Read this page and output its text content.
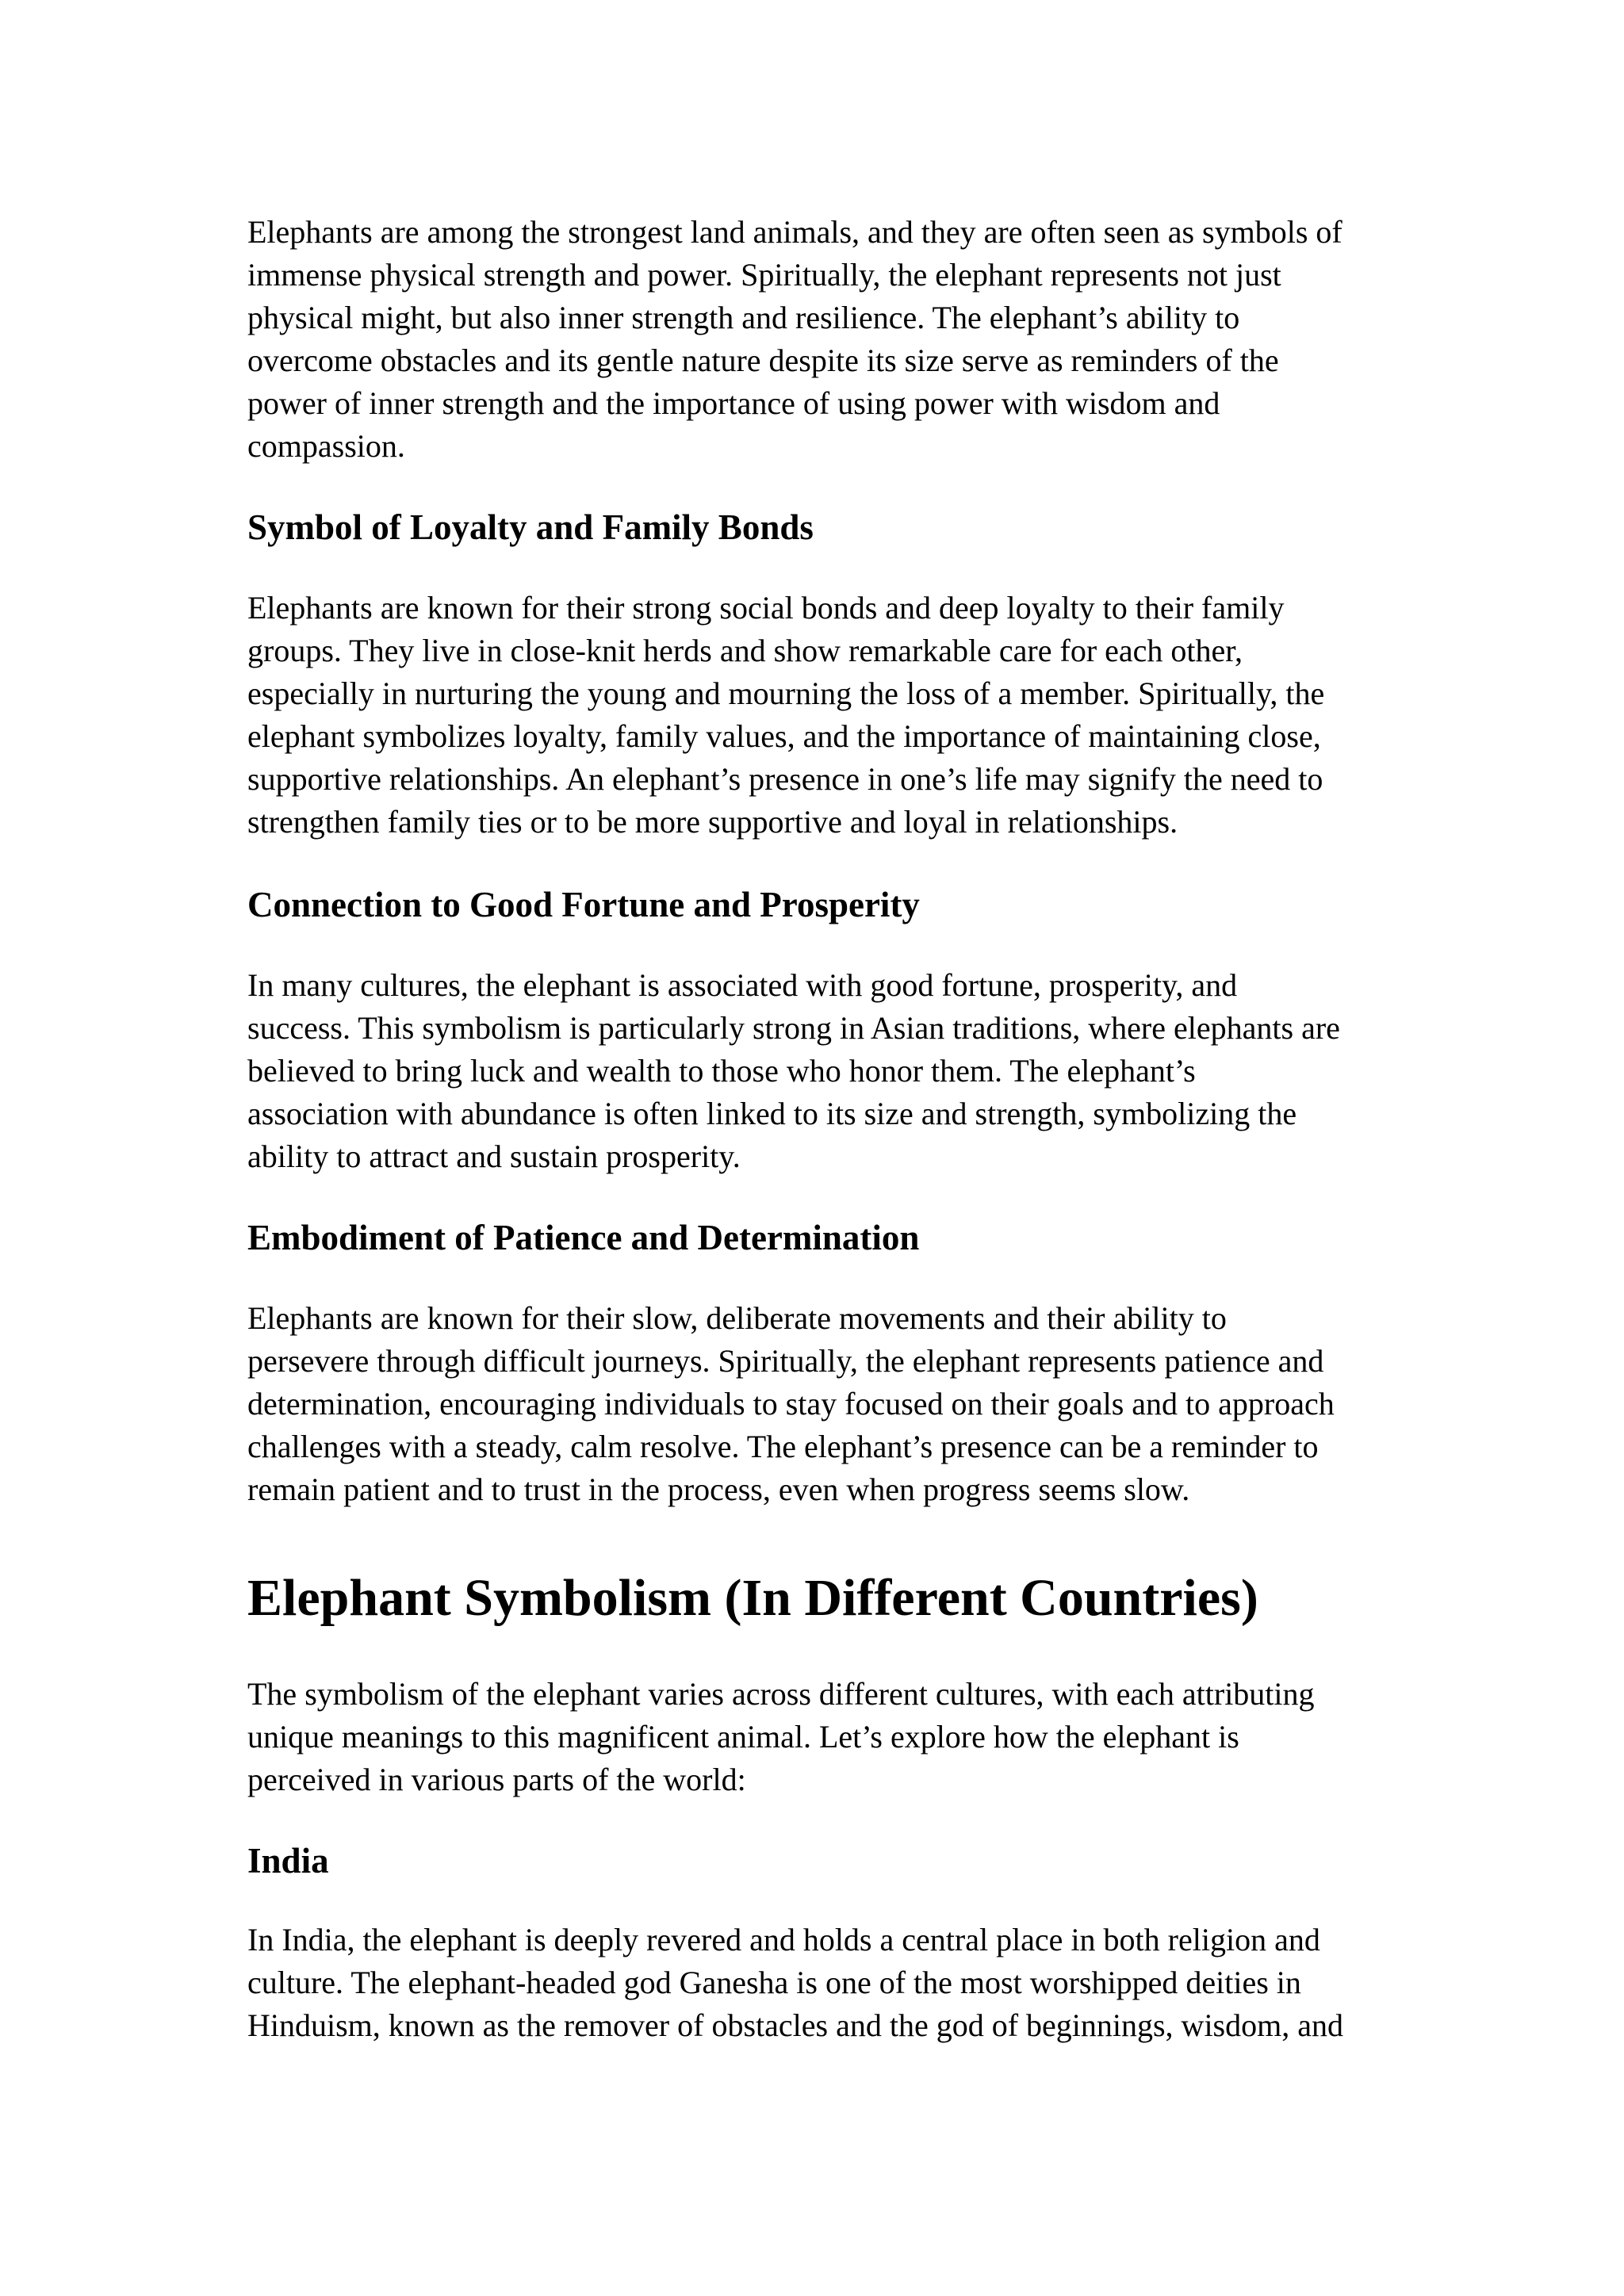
Elephants are among the strongest land animals, and they are often seen as symbols of
immense physical strength and power. Spiritually, the elephant represents not just
physical might, but also inner strength and resilience. The elephant’s ability to
overcome obstacles and its gentle nature despite its size serve as reminders of the
power of inner strength and the importance of using power with wisdom and
compassion.

Symbol of Loyalty and Family Bonds

Elephants are known for their strong social bonds and deep loyalty to their family
groups. They live in close-knit herds and show remarkable care for each other,
especially in nurturing the young and mourning the loss of a member. Spiritually, the
elephant symbolizes loyalty, family values, and the importance of maintaining close,
supportive relationships. An elephant’s presence in one’s life may signify the need to
strengthen family ties or to be more supportive and loyal in relationships.

Connection to Good Fortune and Prosperity

In many cultures, the elephant is associated with good fortune, prosperity, and
success. This symbolism is particularly strong in Asian traditions, where elephants are
believed to bring luck and wealth to those who honor them. The elephant’s
association with abundance is often linked to its size and strength, symbolizing the
ability to attract and sustain prosperity.

Embodiment of Patience and Determination

Elephants are known for their slow, deliberate movements and their ability to
persevere through difficult journeys. Spiritually, the elephant represents patience and
determination, encouraging individuals to stay focused on their goals and to approach
challenges with a steady, calm resolve. The elephant’s presence can be a reminder to
remain patient and to trust in the process, even when progress seems slow.

Elephant Symbolism (In Different Countries)

The symbolism of the elephant varies across different cultures, with each attributing
unique meanings to this magnificent animal. Let’s explore how the elephant is
perceived in various parts of the world:

India

In India, the elephant is deeply revered and holds a central place in both religion and
culture. The elephant-headed god Ganesha is one of the most worshipped deities in
Hinduism, known as the remover of obstacles and the god of beginnings, wisdom, and
